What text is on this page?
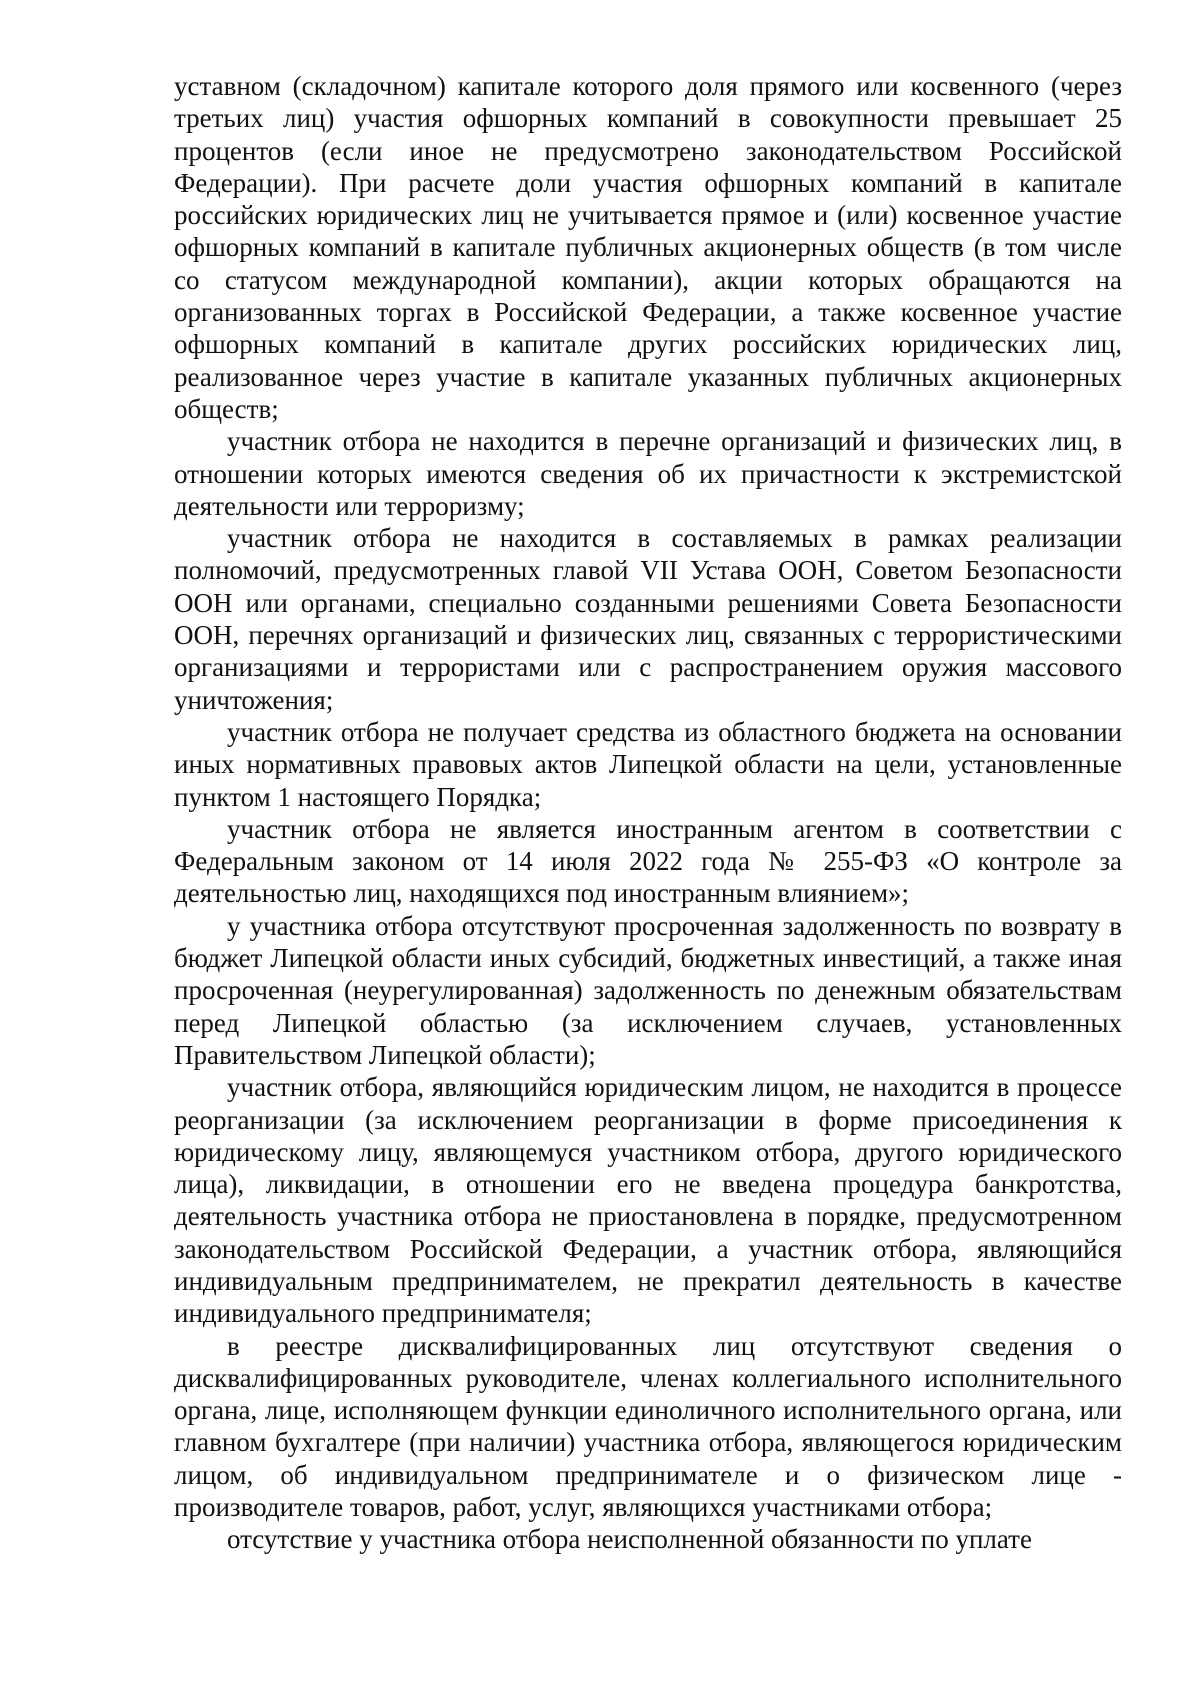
уставном (складочном) капитале которого доля прямого или косвенного (через третьих лиц) участия офшорных компаний в совокупности превышает 25 процентов (если иное не предусмотрено законодательством Российской Федерации). При расчете доли участия офшорных компаний в капитале российских юридических лиц не учитывается прямое и (или) косвенное участие офшорных компаний в капитале публичных акционерных обществ (в том числе со статусом международной компании), акции которых обращаются на организованных торгах в Российской Федерации, а также косвенное участие офшорных компаний в капитале других российских юридических лиц, реализованное через участие в капитале указанных публичных акционерных обществ;

участник отбора не находится в перечне организаций и физических лиц, в отношении которых имеются сведения об их причастности к экстремистской деятельности или терроризму;

участник отбора не находится в составляемых в рамках реализации полномочий, предусмотренных главой VII Устава ООН, Советом Безопасности ООН или органами, специально созданными решениями Совета Безопасности ООН, перечнях организаций и физических лиц, связанных с террористическими организациями и террористами или с распространением оружия массового уничтожения;

участник отбора не получает средства из областного бюджета на основании иных нормативных правовых актов Липецкой области на цели, установленные пунктом 1 настоящего Порядка;

участник отбора не является иностранным агентом в соответствии с Федеральным законом от 14 июля 2022 года № 255-ФЗ «О контроле за деятельностью лиц, находящихся под иностранным влиянием»;

у участника отбора отсутствуют просроченная задолженность по возврату в бюджет Липецкой области иных субсидий, бюджетных инвестиций, а также иная просроченная (неурегулированная) задолженность по денежным обязательствам перед Липецкой областью (за исключением случаев, установленных Правительством Липецкой области);

участник отбора, являющийся юридическим лицом, не находится в процессе реорганизации (за исключением реорганизации в форме присоединения к юридическому лицу, являющемуся участником отбора, другого юридического лица), ликвидации, в отношении его не введена процедура банкротства, деятельность участника отбора не приостановлена в порядке, предусмотренном законодательством Российской Федерации, а участник отбора, являющийся индивидуальным предпринимателем, не прекратил деятельность в качестве индивидуального предпринимателя;

в реестре дисквалифицированных лиц отсутствуют сведения о дисквалифицированных руководителе, членах коллегиального исполнительного органа, лице, исполняющем функции единоличного исполнительного органа, или главном бухгалтере (при наличии) участника отбора, являющегося юридическим лицом, об индивидуальном предпринимателе и о физическом лице - производителе товаров, работ, услуг, являющихся участниками отбора;

отсутствие у участника отбора неисполненной обязанности по уплате
